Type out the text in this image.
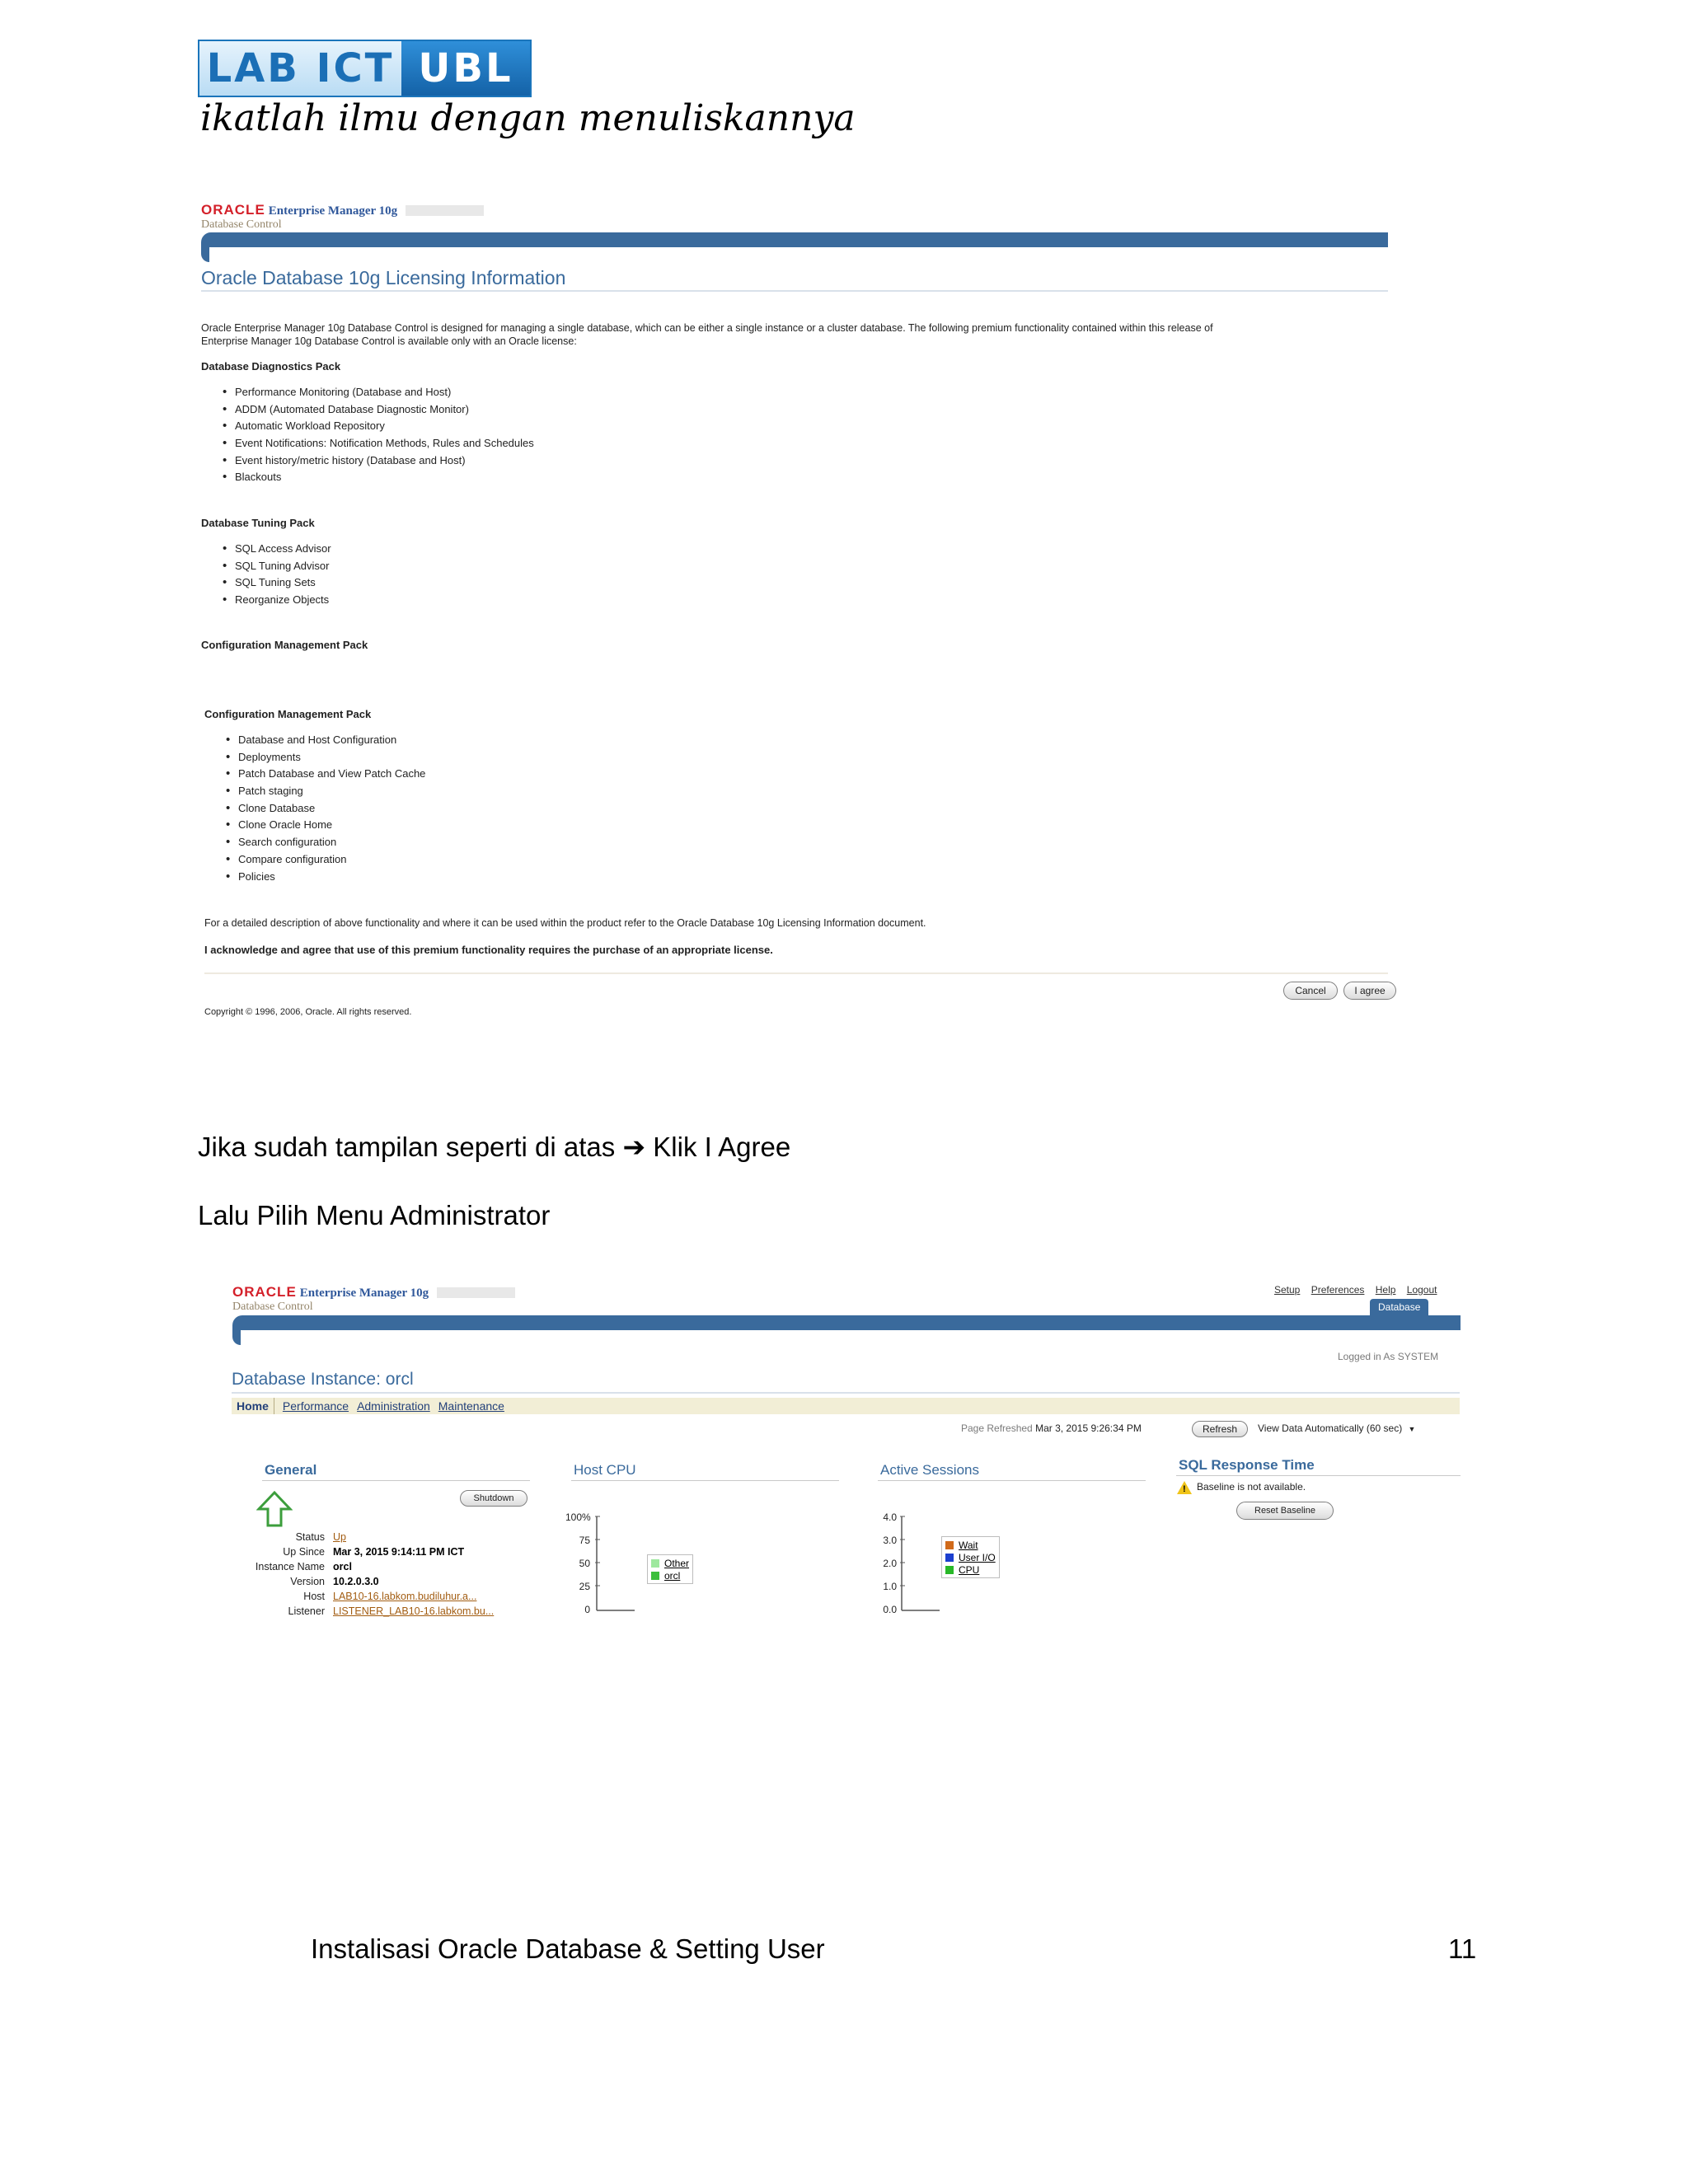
LAB ICT UBL
ikatlah ilmu dengan menuliskannya
ORACLE Enterprise Manager 10g
Database Control
Oracle Database 10g Licensing Information
Oracle Enterprise Manager 10g Database Control is designed for managing a single database, which can be either a single instance or a cluster database. The following premium functionality contained within this release of
Enterprise Manager 10g Database Control is available only with an Oracle license:
Database Diagnostics Pack
• Performance Monitoring (Database and Host)
• ADDM (Automated Database Diagnostic Monitor)
• Automatic Workload Repository
• Event Notifications: Notification Methods, Rules and Schedules
• Event history/metric history (Database and Host)
• Blackouts
Database Tuning Pack
• SQL Access Advisor
• SQL Tuning Advisor
• SQL Tuning Sets
• Reorganize Objects
Configuration Management Pack
Configuration Management Pack
• Database and Host Configuration
• Deployments
• Patch Database and View Patch Cache
• Patch staging
• Clone Database
• Clone Oracle Home
• Search configuration
• Compare configuration
• Policies
For a detailed description of above functionality and where it can be used within the product refer to the Oracle Database 10g Licensing Information document.
I acknowledge and agree that use of this premium functionality requires the purchase of an appropriate license.
Cancel	I agree
Copyright © 1996, 2006, Oracle. All rights reserved.
Jika sudah tampilan seperti di atas ➔ Klik I Agree
Lalu Pilih Menu Administrator
ORACLE Enterprise Manager 10g
Database Control
Setup Preferences Help Logout
Database
Logged in As SYSTEM
Database Instance: orcl
Home Performance Administration Maintenance
Page Refreshed Mar 3, 2015 9:26:34 PM	Refresh	View Data Automatically (60 sec) ▼
General
Shutdown
Status Up
Up Since Mar 3, 2015 9:14:11 PM ICT
Instance Name orcl
Version 10.2.0.3.0
Host LAB10-16.labkom.budiluhur.a...
Listener LISTENER_LAB10-16.labkom.bu...
Host CPU
100%
75
50
25
0
Other
orcl
Active Sessions
4.0
3.0
2.0
1.0
0.0
Wait
User I/O
CPU
SQL Response Time
!Baseline is not available.
Reset Baseline
Instalisasi Oracle Database & Setting User	11
